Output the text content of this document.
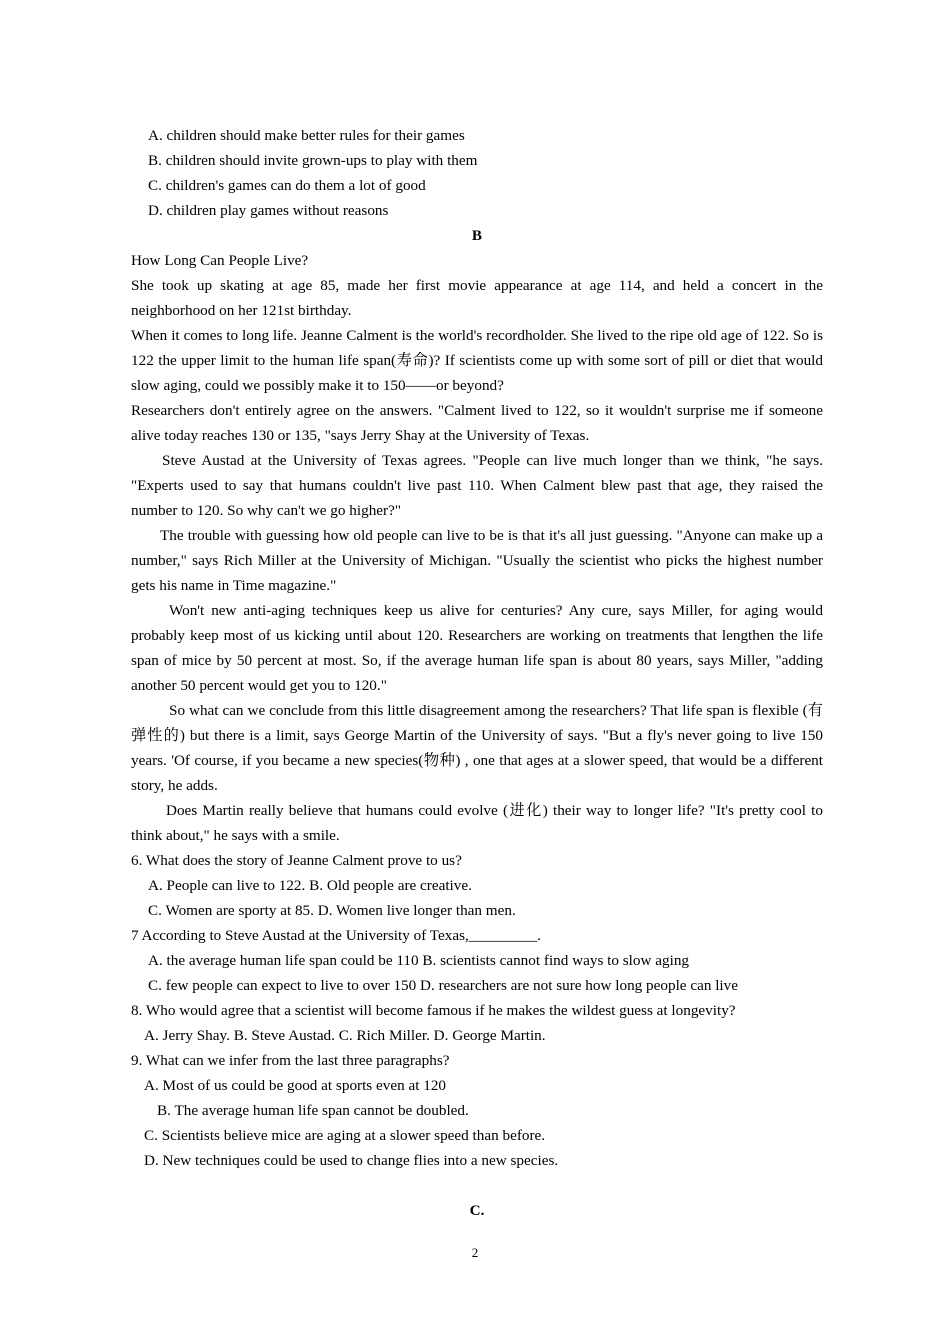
A. children should make better rules for their games
B. children should invite grown-ups to play with them
C. children's games can do them a lot of good
D. children play games without reasons
B
How Long Can People Live?

She took up skating at age 85, made her first movie appearance at age 114, and held a concert in the neighborhood on her 121st birthday.

When it comes to long life. Jeanne Calment is the world's recordholder. She lived to the ripe old age of 122. So is 122 the upper limit to the human life span(寿命)? If scientists come up with some sort of pill or diet that would slow aging, could we possibly make it to 150——or beyond?

Researchers don't entirely agree on the answers. "Calment lived to 122, so it wouldn't surprise me if someone alive today reaches 130 or 135, "says Jerry Shay at the University of Texas.

Steve Austad at the University of Texas agrees. "People can live much longer than we think, "he says. "Experts used to say that humans couldn't live past 110. When Calment blew past that age, they raised the number to 120. So why can't we go higher?"

The trouble with guessing how old people can live to be is that it's all just guessing. "Anyone can make up a number," says Rich Miller at the University of Michigan. "Usually the scientist who picks the highest number gets his name in Time magazine."

Won't new anti-aging techniques keep us alive for centuries? Any cure, says Miller, for aging would probably keep most of us kicking until about 120. Researchers are working on treatments that lengthen the life span of mice by 50 percent at most. So, if the average human life span is about 80 years, says Miller, "adding another 50 percent would get you to 120."

So what can we conclude from this little disagreement among the researchers? That life span is flexible (有弹性的) but there is a limit, says George Martin of the University of says. "But a fly's never going to live 150 years. 'Of course, if you became a new species(物种) , one that ages at a slower speed, that would be a different story, he adds.

Does Martin really believe that humans could evolve (进化) their way to longer life? "It's pretty cool to think about," he says with a smile.

6. What does the story of Jeanne Calment prove to us?
A. People can live to 122. B. Old people are creative.
C. Women are sporty at 85. D. Women live longer than men.
7 According to Steve Austad at the University of Texas,_________.
A. the average human life span could be 110 B. scientists cannot find ways to slow aging
C. few people can expect to live to over 150 D. researchers are not sure how long people can live
8. Who would agree that a scientist will become famous if he makes the wildest guess at longevity?
A. Jerry Shay. B. Steve Austad. C. Rich Miller. D. George Martin.
9. What can we infer from the last three paragraphs?
A. Most of us could be good at sports even at 120
B. The average human life span cannot be doubled.
C. Scientists believe mice are aging at a slower speed than before.
D. New techniques could be used to change flies into a new species.
C.
2
